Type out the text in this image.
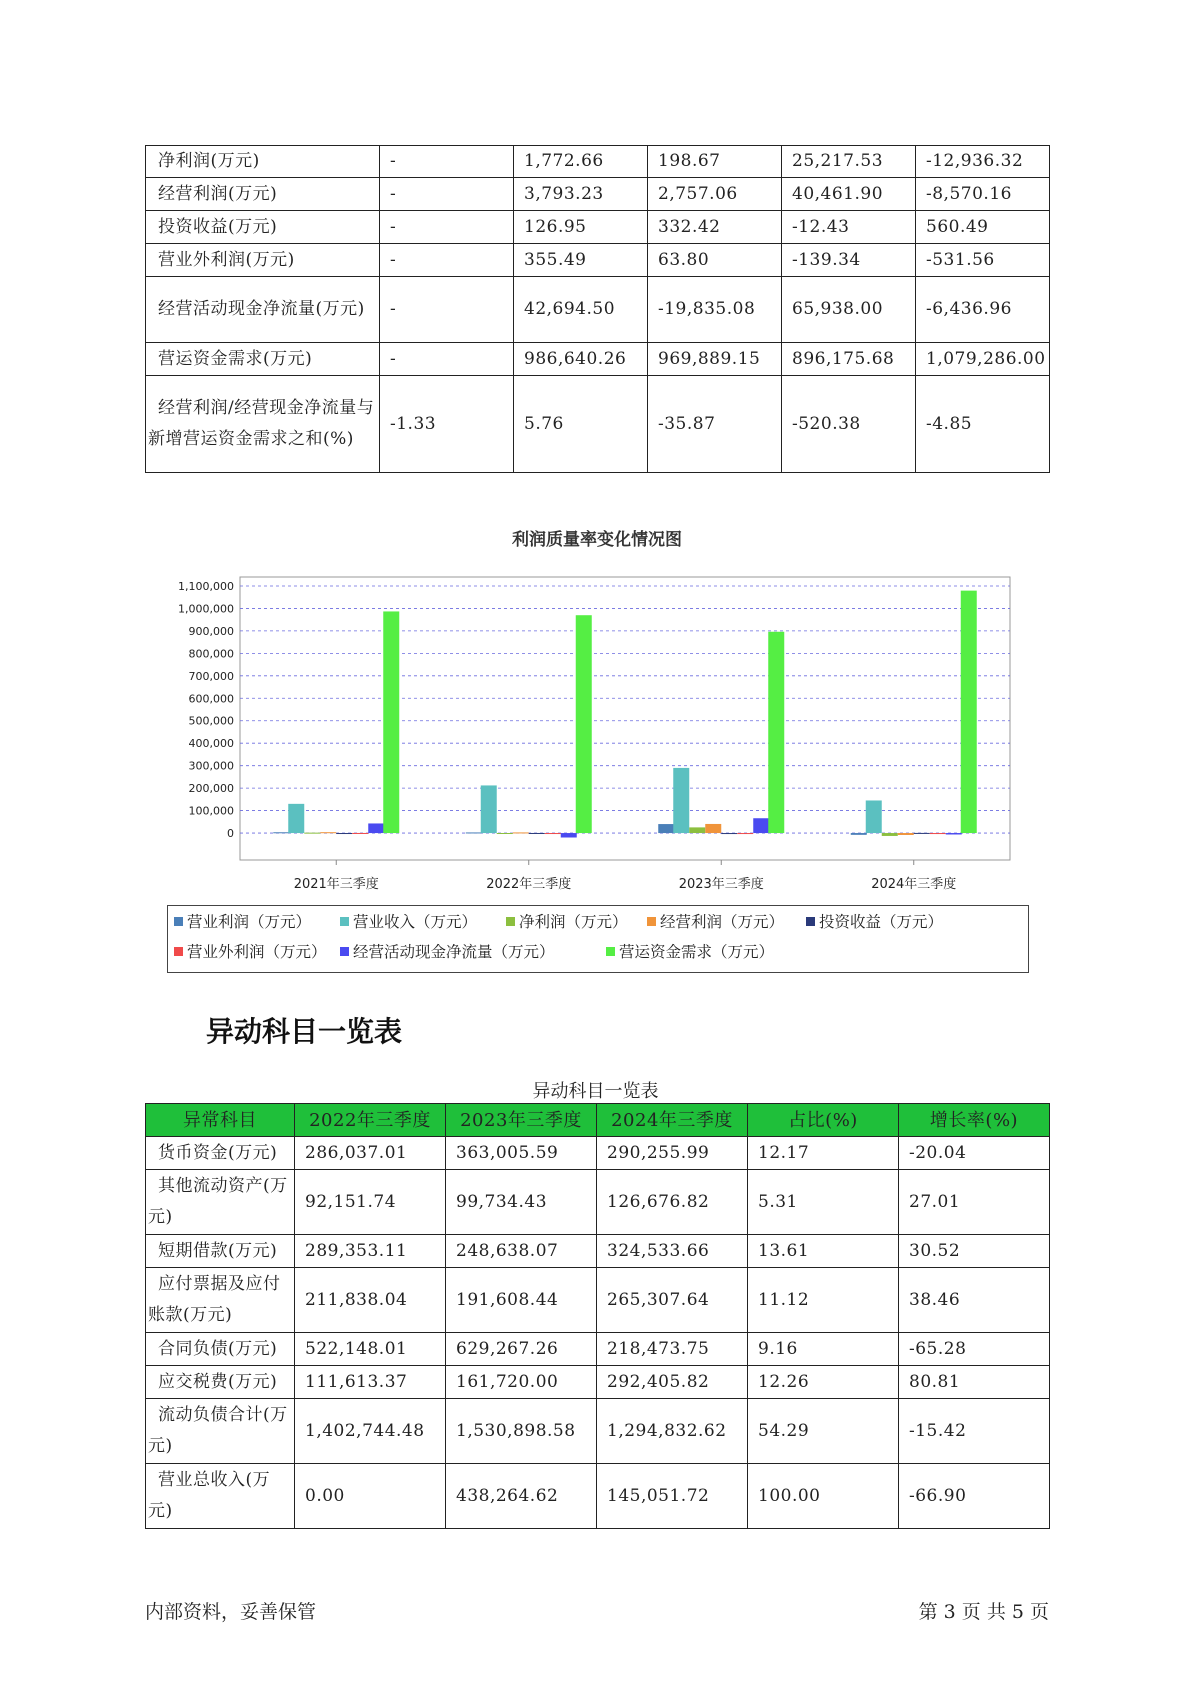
净利润(万元)	-	1,772.66	198.67	25,217.53	-12,936.32
经营利润(万元)	-	3,793.23	2,757.06	40,461.90	-8,570.16
投资收益(万元)	-	126.95	332.42	-12.43	560.49
营业外利润(万元)	-	355.49	63.80	-139.34	-531.56
经营活动现金净流量(万元)	-	42,694.50	-19,835.08	65,938.00	-6,436.96
营运资金需求(万元)	-	986,640.26	969,889.15	896,175.68	1,079,286.00
经营利润/经营现金净流量与新增营运资金需求之和(%)	-1.33	5.76	-35.87	-520.38	-4.85
利润质量率变化情况图
0
100,000
200,000
300,000
400,000
500,000
600,000
700,000
800,000
900,000
1,000,000
1,100,000
2021年三季度	2022年三季度	2023年三季度	2024年三季度
营业利润（万元）	营业收入（万元）	净利润（万元）	经营利润（万元）	投资收益（万元）
营业外利润（万元）	经营活动现金净流量（万元）	营运资金需求（万元）
异动科目一览表
异动科目一览表
异常科目	2022年三季度	2023年三季度	2024年三季度	占比(%)	增长率(%)
货币资金(万元)	286,037.01	363,005.59	290,255.99	12.17	-20.04
其他流动资产(万元)	92,151.74	99,734.43	126,676.82	5.31	27.01
短期借款(万元)	289,353.11	248,638.07	324,533.66	13.61	30.52
应付票据及应付账款(万元)	211,838.04	191,608.44	265,307.64	11.12	38.46
合同负债(万元)	522,148.01	629,267.26	218,473.75	9.16	-65.28
应交税费(万元)	111,613.37	161,720.00	292,405.82	12.26	80.81
流动负债合计(万元)	1,402,744.48	1,530,898.58	1,294,832.62	54.29	-15.42
营业总收入(万元)	0.00	438,264.62	145,051.72	100.00	-66.90
内部资料，妥善保管	第 3 页 共 5 页
